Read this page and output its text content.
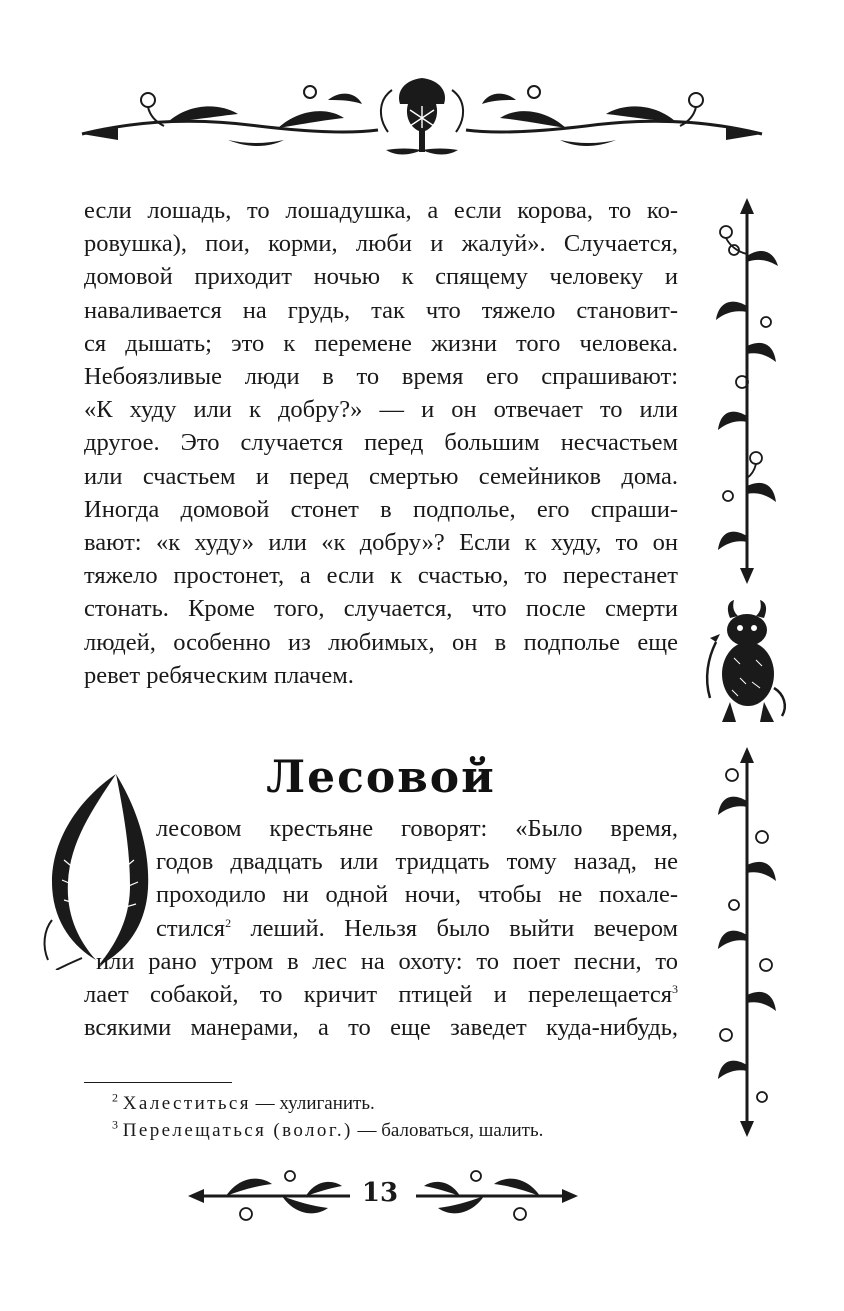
если лошадь, то лошадушка, а если корова, то ко-
ровушка), пои, корми, люби и жалуй». Случается,
домовой приходит ночью к спящему человеку и
наваливается на грудь, так что тяжело становит-
ся дышать; это к перемене жизни того человека.
Небоязливые люди в то время его спрашивают:
«К худу или к добру?» — и он отвечает то или
другое. Это случается перед большим несчастьем
или счастьем и перед смертью семейников дома.
Иногда домовой стонет в подполье, его спраши-
вают: «к худу» или «к добру»? Если к худу, то он
тяжело простонет, а если к счастью, то перестанет
стонать. Кроме того, случается, что после смерти
людей, особенно из любимых, он в подполье еще
ревет ребяческим плачем.

Лесовой
лесовом крестьяне говорят: «Было время,
годов двадцать или тридцать тому назад, не
проходило ни одной ночи, чтобы не похале-
стился$^2$ леший. Нельзя было выйти вечером
или рано утром в лес на охоту: то поет песни, то
лает собакой, то кричит птицей и перелещается$^3$
всякими манерами, а то еще заведет куда-нибудь,
$^2$ Халеститься — хулиганить.
$^3$ Перелещаться (волог.) — баловаться, шалить.
13
